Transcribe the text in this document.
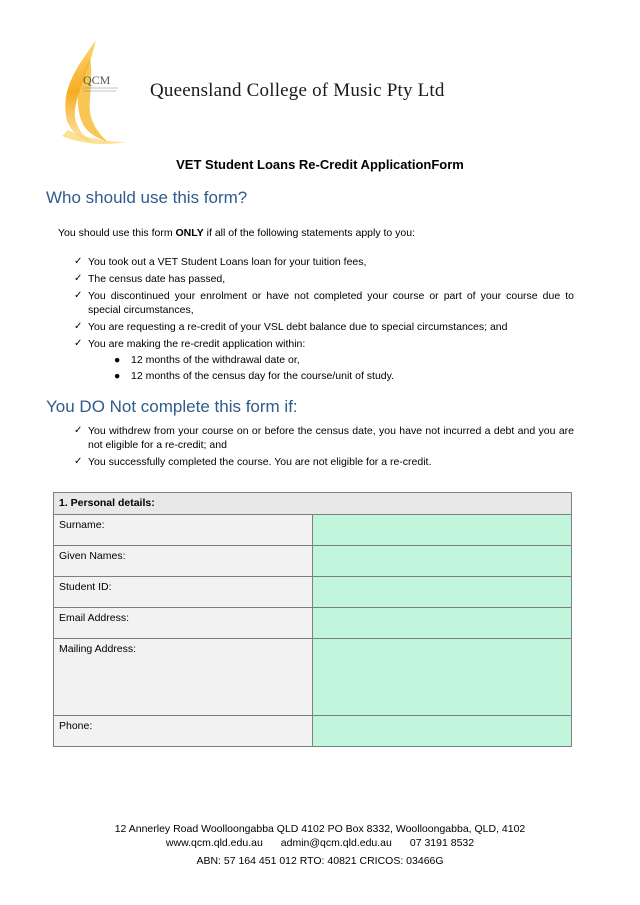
QCM Queensland College of Music Pty Ltd
VET Student Loans Re-Credit ApplicationForm
Who should use this form?
You should use this form ONLY if all of the following statements apply to you:
✓ You took out a VET Student Loans loan for your tuition fees,
✓ The census date has passed,
✓ You discontinued your enrolment or have not completed your course or part of your course due to special circumstances,
✓ You are requesting a re-credit of your VSL debt balance due to special circumstances; and
✓ You are making the re-credit application within:
● 12 months of the withdrawal date or,
● 12 months of the census day for the course/unit of study.
You DO Not complete this form if:
✓ You withdrew from your course on or before the census date, you have not incurred a debt and you are not eligible for a re-credit; and
✓ You successfully completed the course. You are not eligible for a re-credit.
1. Personal details:	
Surname:	
Given Names:	
Student ID:	
Email Address:	
Mailing Address:	
Phone:	
12 Annerley Road Woolloongabba QLD 4102 PO Box 8332, Woolloongabba, QLD, 4102
www.qcm.qld.edu.au admin@qcm.qld.edu.au 07 3191 8532
ABN: 57 164 451 012 RTO: 40821 CRICOS: 03466G
